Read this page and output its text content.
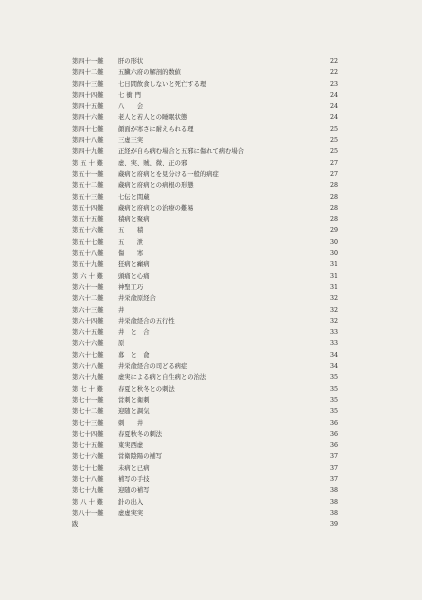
第四十一難 肝の形状	22
第四十二難 五臓六府の解剖的数値	22
第四十三難 七日間飲食しないと死亡する理	23
第四十四難 七 衝 門	24
第四十五難 八　　会	24
第四十六難 老人と若人との睡眠状態	24
第四十七難 顔面が寒さに耐えられる理	25
第四十八難 三虚三実	25
第四十九難 正経が自ら病む場合と五邪に傷れて病む場合	25
第 五 十 難 虚、実、賊、微、正の邪	27
第五十一難 蔵病と府病とを見分ける一般的病症	27
第五十二難 蔵病と府病との病根の形態	28
第五十三難 七伝と間蔵	28
第五十四難 蔵病と府病との治療の難易	28
第五十五難 積病と聚病	28
第五十六難 五　　積	29
第五十七難 五　　泄	30
第五十八難 傷　　寒	30
第五十九難 狂病と癲病	31
第 六 十 難 頭痛と心痛	31
第六十一難 神聖工巧	31
第六十二難 井栄兪原経合	32
第六十三難 井	32
第六十四難 井栄兪経合の五行性	32
第六十五難 井　と　合	33
第六十六難 原	33
第六十七難 募　と　兪	34
第六十八難 井栄兪経合の司どる病症	34
第六十九難 虚実による病と自生病との治法	35
第 七 十 難 春夏と秋冬との刺法	35
第七十一難 営刺と衛刺	35
第七十二難 迎随と調気	35
第七十三難 刺　　井	36
第七十四難 春夏秋冬の刺法	36
第七十五難 東実西虚	36
第七十六難 営衛陰陽の補写	37
第七十七難 未病と已病	37
第七十八難 補写の手技	37
第七十九難 迎随の補写	38
第 八 十 難 針の出入	38
第八十一難 虚虚実実	38
跋	39
